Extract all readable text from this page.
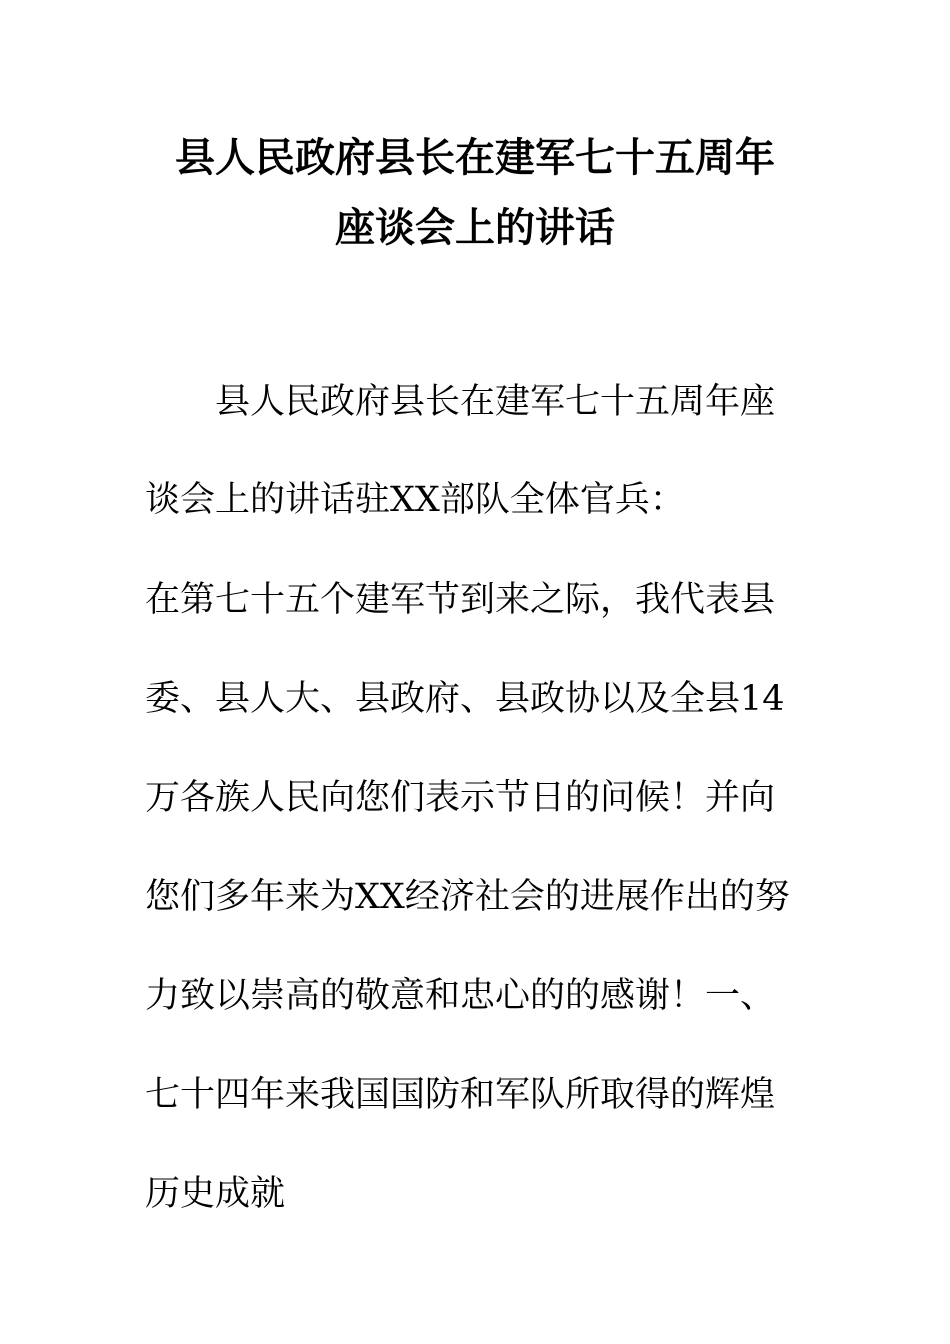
县人民政府县长在建军七十五周年
座谈会上的讲话
县人民政府县长在建军七十五周年座
谈会上的讲话驻XX部队全体官兵：
在第七十五个建军节到来之际，我代表县
委、县人大、县政府、县政协以及全县14
万各族人民向您们表示节日的问候！并向
您们多年来为XX经济社会的进展作出的努
力致以崇高的敬意和忠心的的感谢！一、
七十四年来我国国防和军队所取得的辉煌
历史成就
